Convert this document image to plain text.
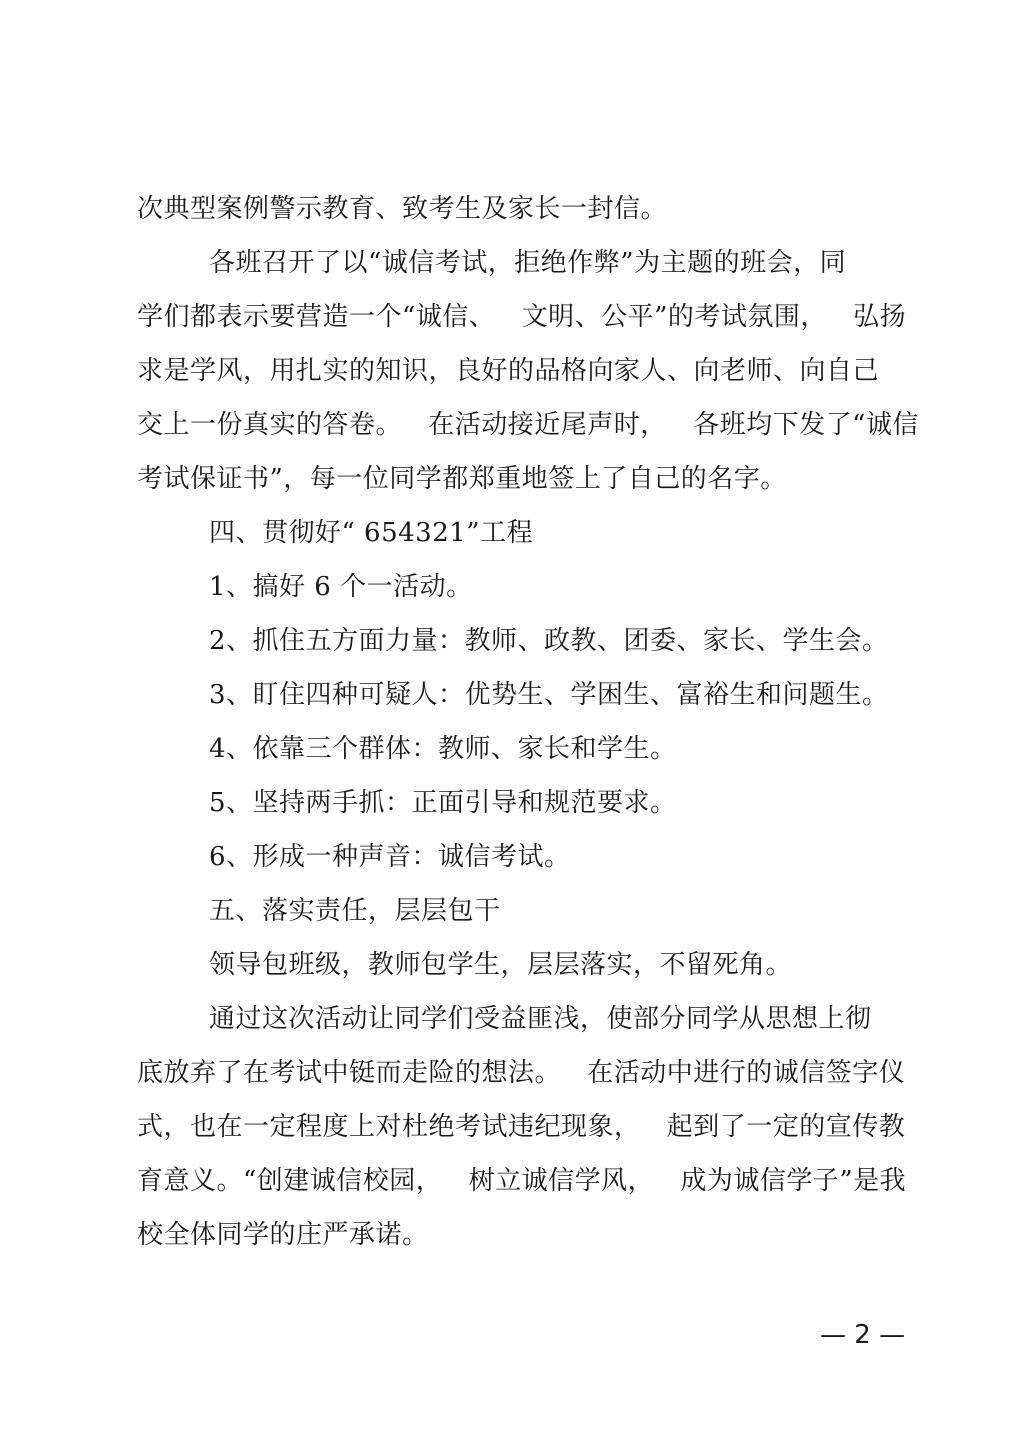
次典型案例警示教育、致考生及家长一封信。
各班召开了以“诚信考试，拒绝作弊”为主题的班会，同
学们都表示要营造一个“诚信、   文明、公平”的考试氛围，   弘扬
求是学风，用扎实的知识，良好的品格向家人、向老师、向自己
交上一份真实的答卷。   在活动接近尾声时，   各班均下发了“诚信
考试保证书”，每一位同学都郑重地签上了自己的名字。
四、贯彻好“ 654321”工程
1、搞好 6 个一活动。
2、抓住五方面力量：教师、政教、团委、家长、学生会。
3、盯住四种可疑人：优势生、学困生、富裕生和问题生。
4、依靠三个群体：教师、家长和学生。
5、坚持两手抓：正面引导和规范要求。
6、形成一种声音：诚信考试。
五、落实责任，层层包干
领导包班级，教师包学生，层层落实，不留死角。
通过这次活动让同学们受益匪浅，使部分同学从思想上彻
底放弃了在考试中铤而走险的想法。   在活动中进行的诚信签字仪
式，也在一定程度上对杜绝考试违纪现象，   起到了一定的宣传教
育意义。“创建诚信校园，   树立诚信学风，   成为诚信学子”是我
校全体同学的庄严承诺。
— 2 —
